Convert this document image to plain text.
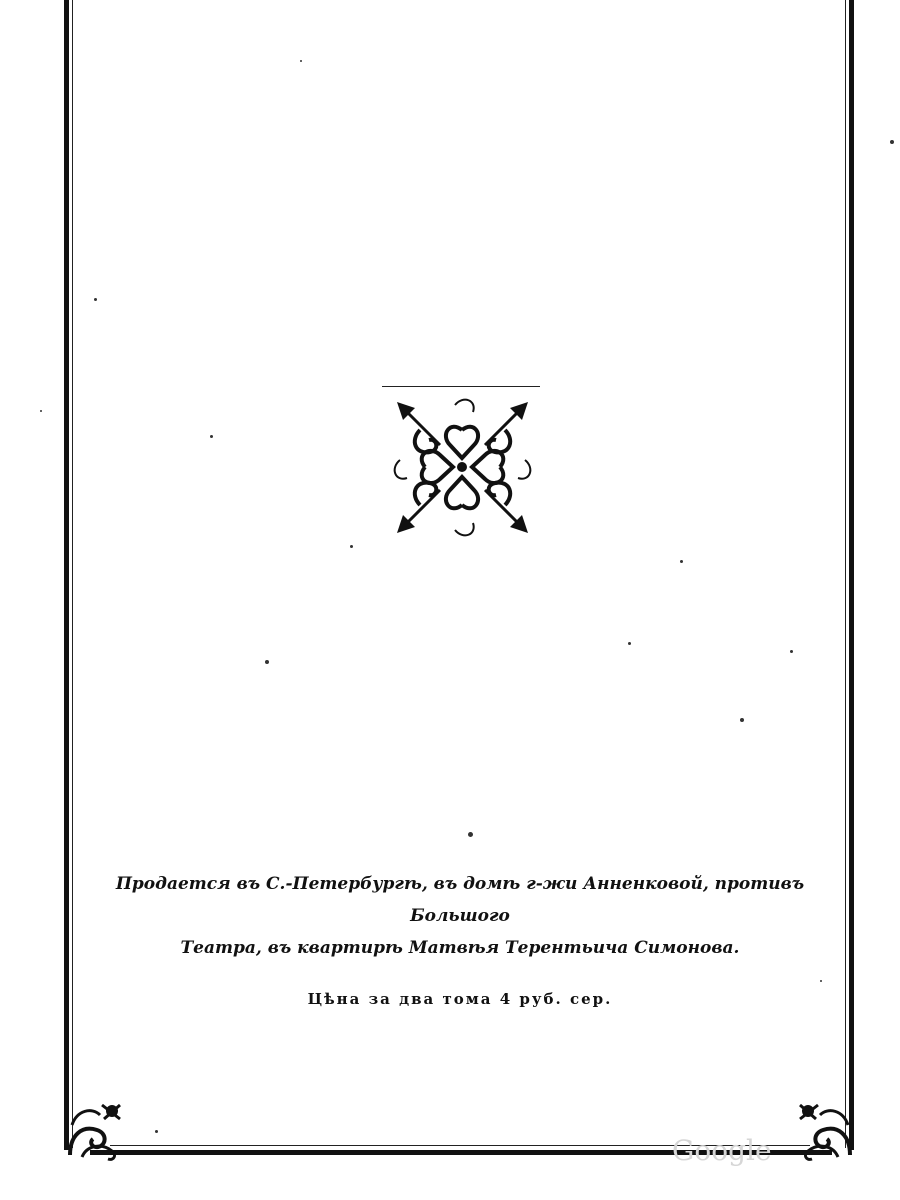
Продается въ С.-Петербургѣ, въ домѣ г-жи Анненковой, противъ Большого
Театра, въ квартирѣ Матвѣя Терентьича Симонова.
Цѣна за два тома 4 руб. сер.
Google
